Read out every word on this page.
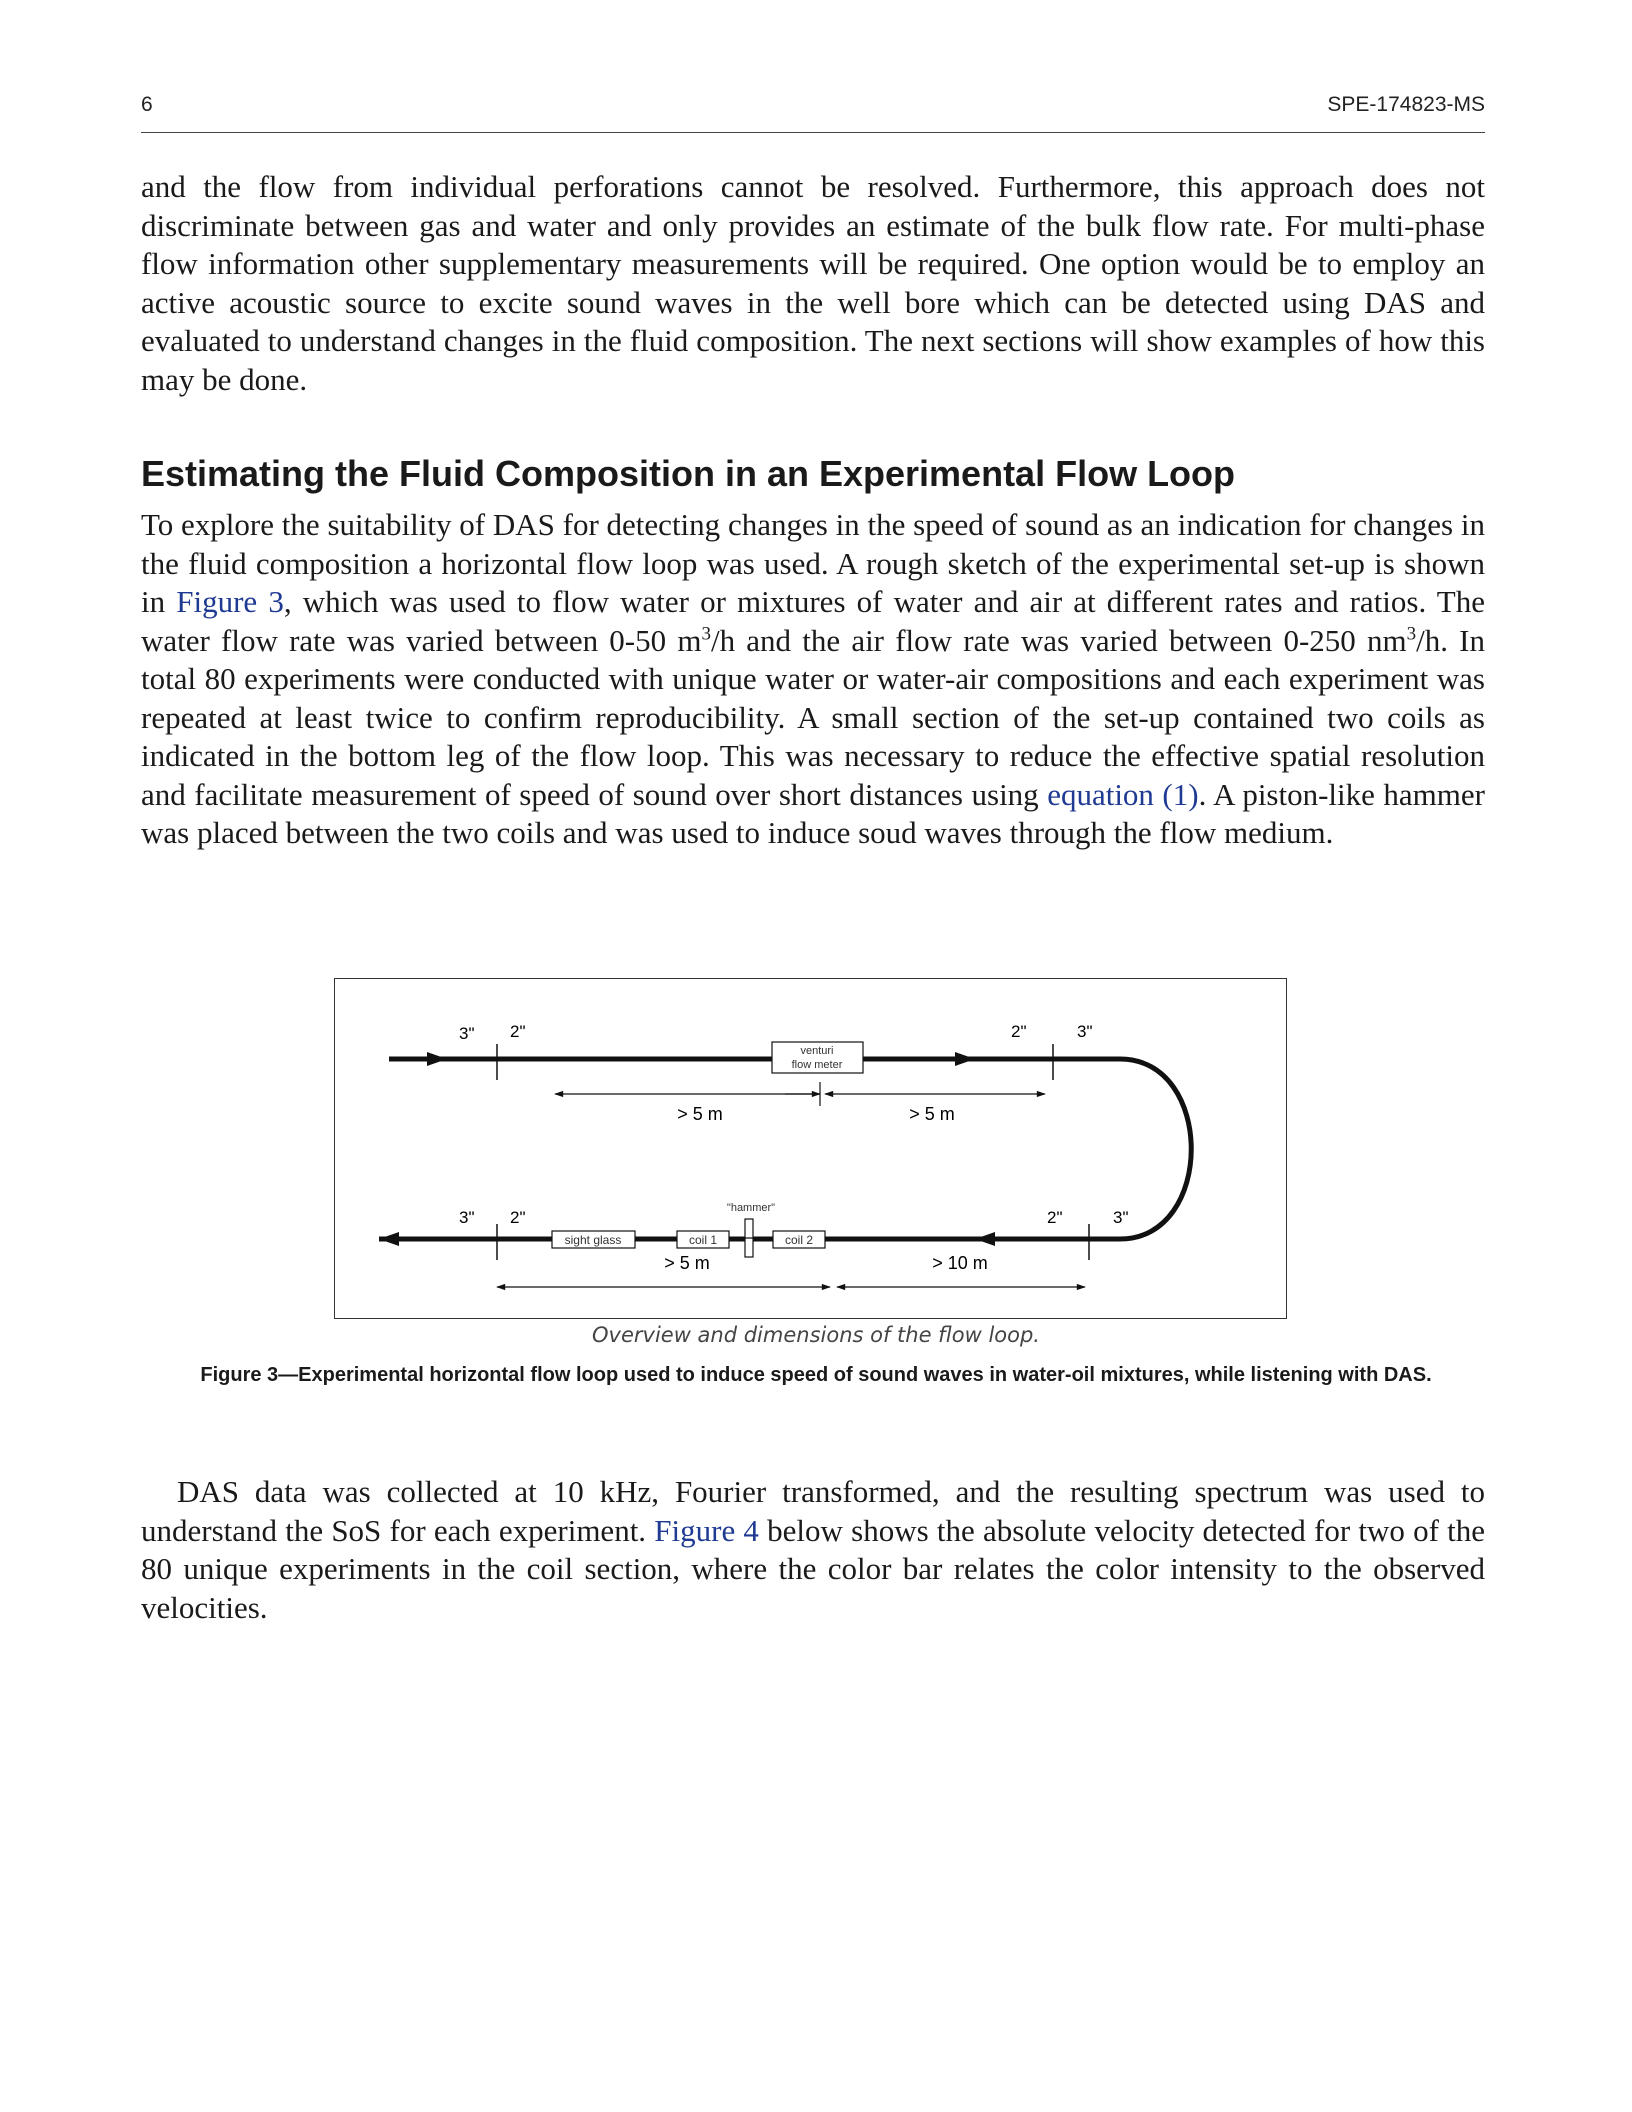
6	SPE-174823-MS
and the flow from individual perforations cannot be resolved. Furthermore, this approach does not discriminate between gas and water and only provides an estimate of the bulk flow rate. For multi-phase flow information other supplementary measurements will be required. One option would be to employ an active acoustic source to excite sound waves in the well bore which can be detected using DAS and evaluated to understand changes in the fluid composition. The next sections will show examples of how this may be done.
Estimating the Fluid Composition in an Experimental Flow Loop
To explore the suitability of DAS for detecting changes in the speed of sound as an indication for changes in the fluid composition a horizontal flow loop was used. A rough sketch of the experimental set-up is shown in Figure 3, which was used to flow water or mixtures of water and air at different rates and ratios. The water flow rate was varied between 0-50 $m^3/h$ and the air flow rate was varied between 0-250 $nm^3/h$. In total 80 experiments were conducted with unique water or water-air compositions and each experiment was repeated at least twice to confirm reproducibility. A small section of the set-up contained two coils as indicated in the bottom leg of the flow loop. This was necessary to reduce the effective spatial resolution and facilitate measurement of speed of sound over short distances using equation (1). A piston-like hammer was placed between the two coils and was used to induce soud waves through the flow medium.
3" 2"	2"	3"
venturi
flow meter
> 5 m	> 5 m
3" 2"	2"	3"
sight glass	coil 1
"hammer"
coil 2
> 5 m	> 10 m
Overview and dimensions of the flow loop.
Figure 3—Experimental horizontal flow loop used to induce speed of sound waves in water-oil mixtures, while listening with DAS.
DAS data was collected at 10 kHz, Fourier transformed, and the resulting spectrum was used to understand the SoS for each experiment. Figure 4 below shows the absolute velocity detected for two of the 80 unique experiments in the coil section, where the color bar relates the color intensity to the observed velocities.
